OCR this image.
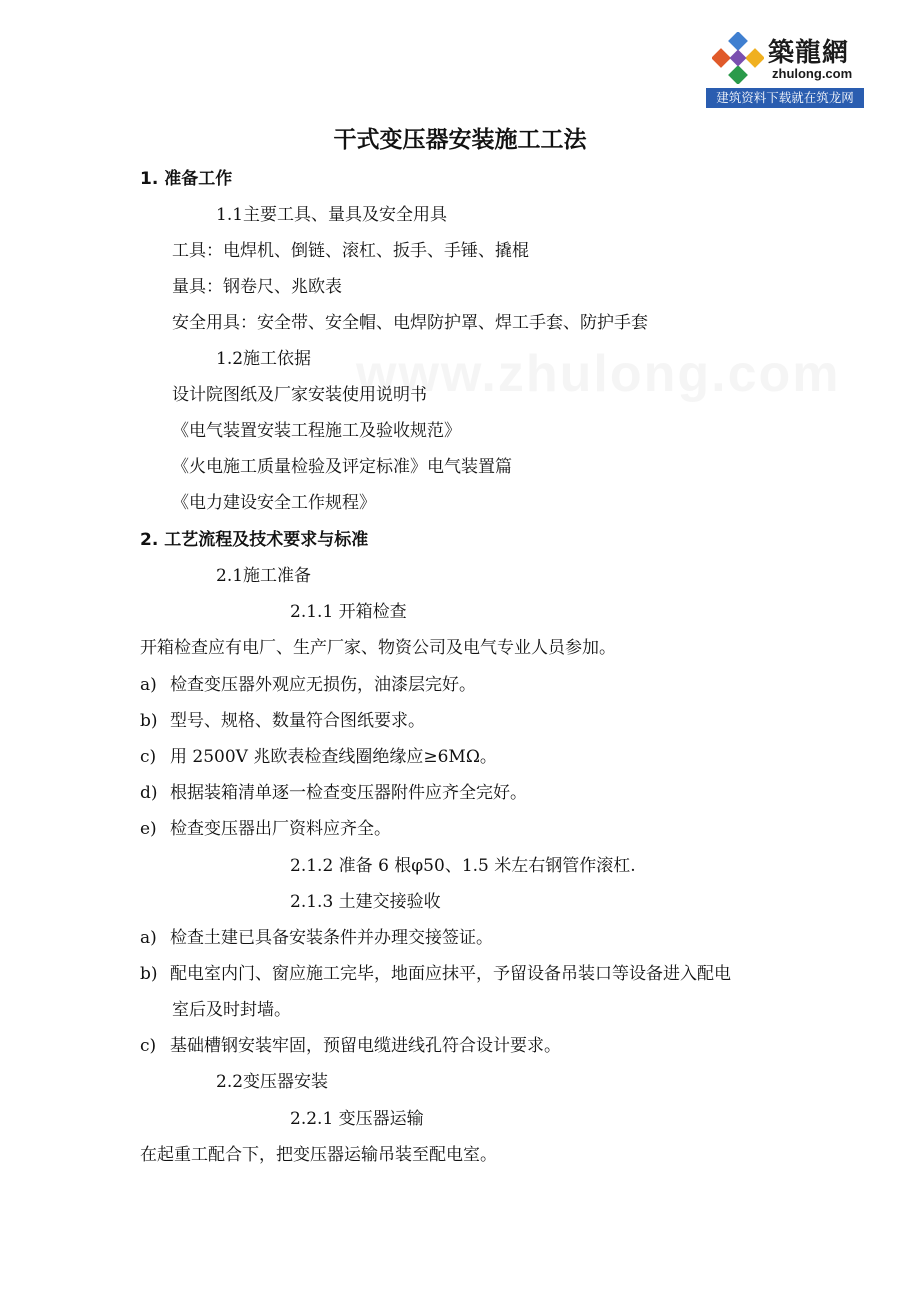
築龍網
zhulong.com
建筑资料下载就在筑龙网
www.zhulong.com
干式变压器安装施工工法
1. 准备工作
1.1主要工具、量具及安全用具
工具：电焊机、倒链、滚杠、扳手、手锤、撬棍
量具：钢卷尺、兆欧表
安全用具：安全带、安全帽、电焊防护罩、焊工手套、防护手套
1.2施工依据
设计院图纸及厂家安装使用说明书
《电气装置安装工程施工及验收规范》
《火电施工质量检验及评定标准》电气装置篇
《电力建设安全工作规程》
2. 工艺流程及技术要求与标准
2.1施工准备
2.1.1 开箱检查
开箱检查应有电厂、生产厂家、物资公司及电气专业人员参加。
a) 检查变压器外观应无损伤，油漆层完好。
b) 型号、规格、数量符合图纸要求。
c) 用 2500V 兆欧表检查线圈绝缘应≥6MΩ。
d) 根据装箱清单逐一检查变压器附件应齐全完好。
e) 检查变压器出厂资料应齐全。
2.1.2 准备 6 根φ50、1.5 米左右钢管作滚杠.
2.1.3 土建交接验收
a) 检查土建已具备安装条件并办理交接签证。
b) 配电室内门、窗应施工完毕，地面应抹平，予留设备吊装口等设备进入配电
室后及时封墙。
c) 基础槽钢安装牢固，预留电缆进线孔符合设计要求。
2.2变压器安装
2.2.1 变压器运输
在起重工配合下，把变压器运输吊装至配电室。
